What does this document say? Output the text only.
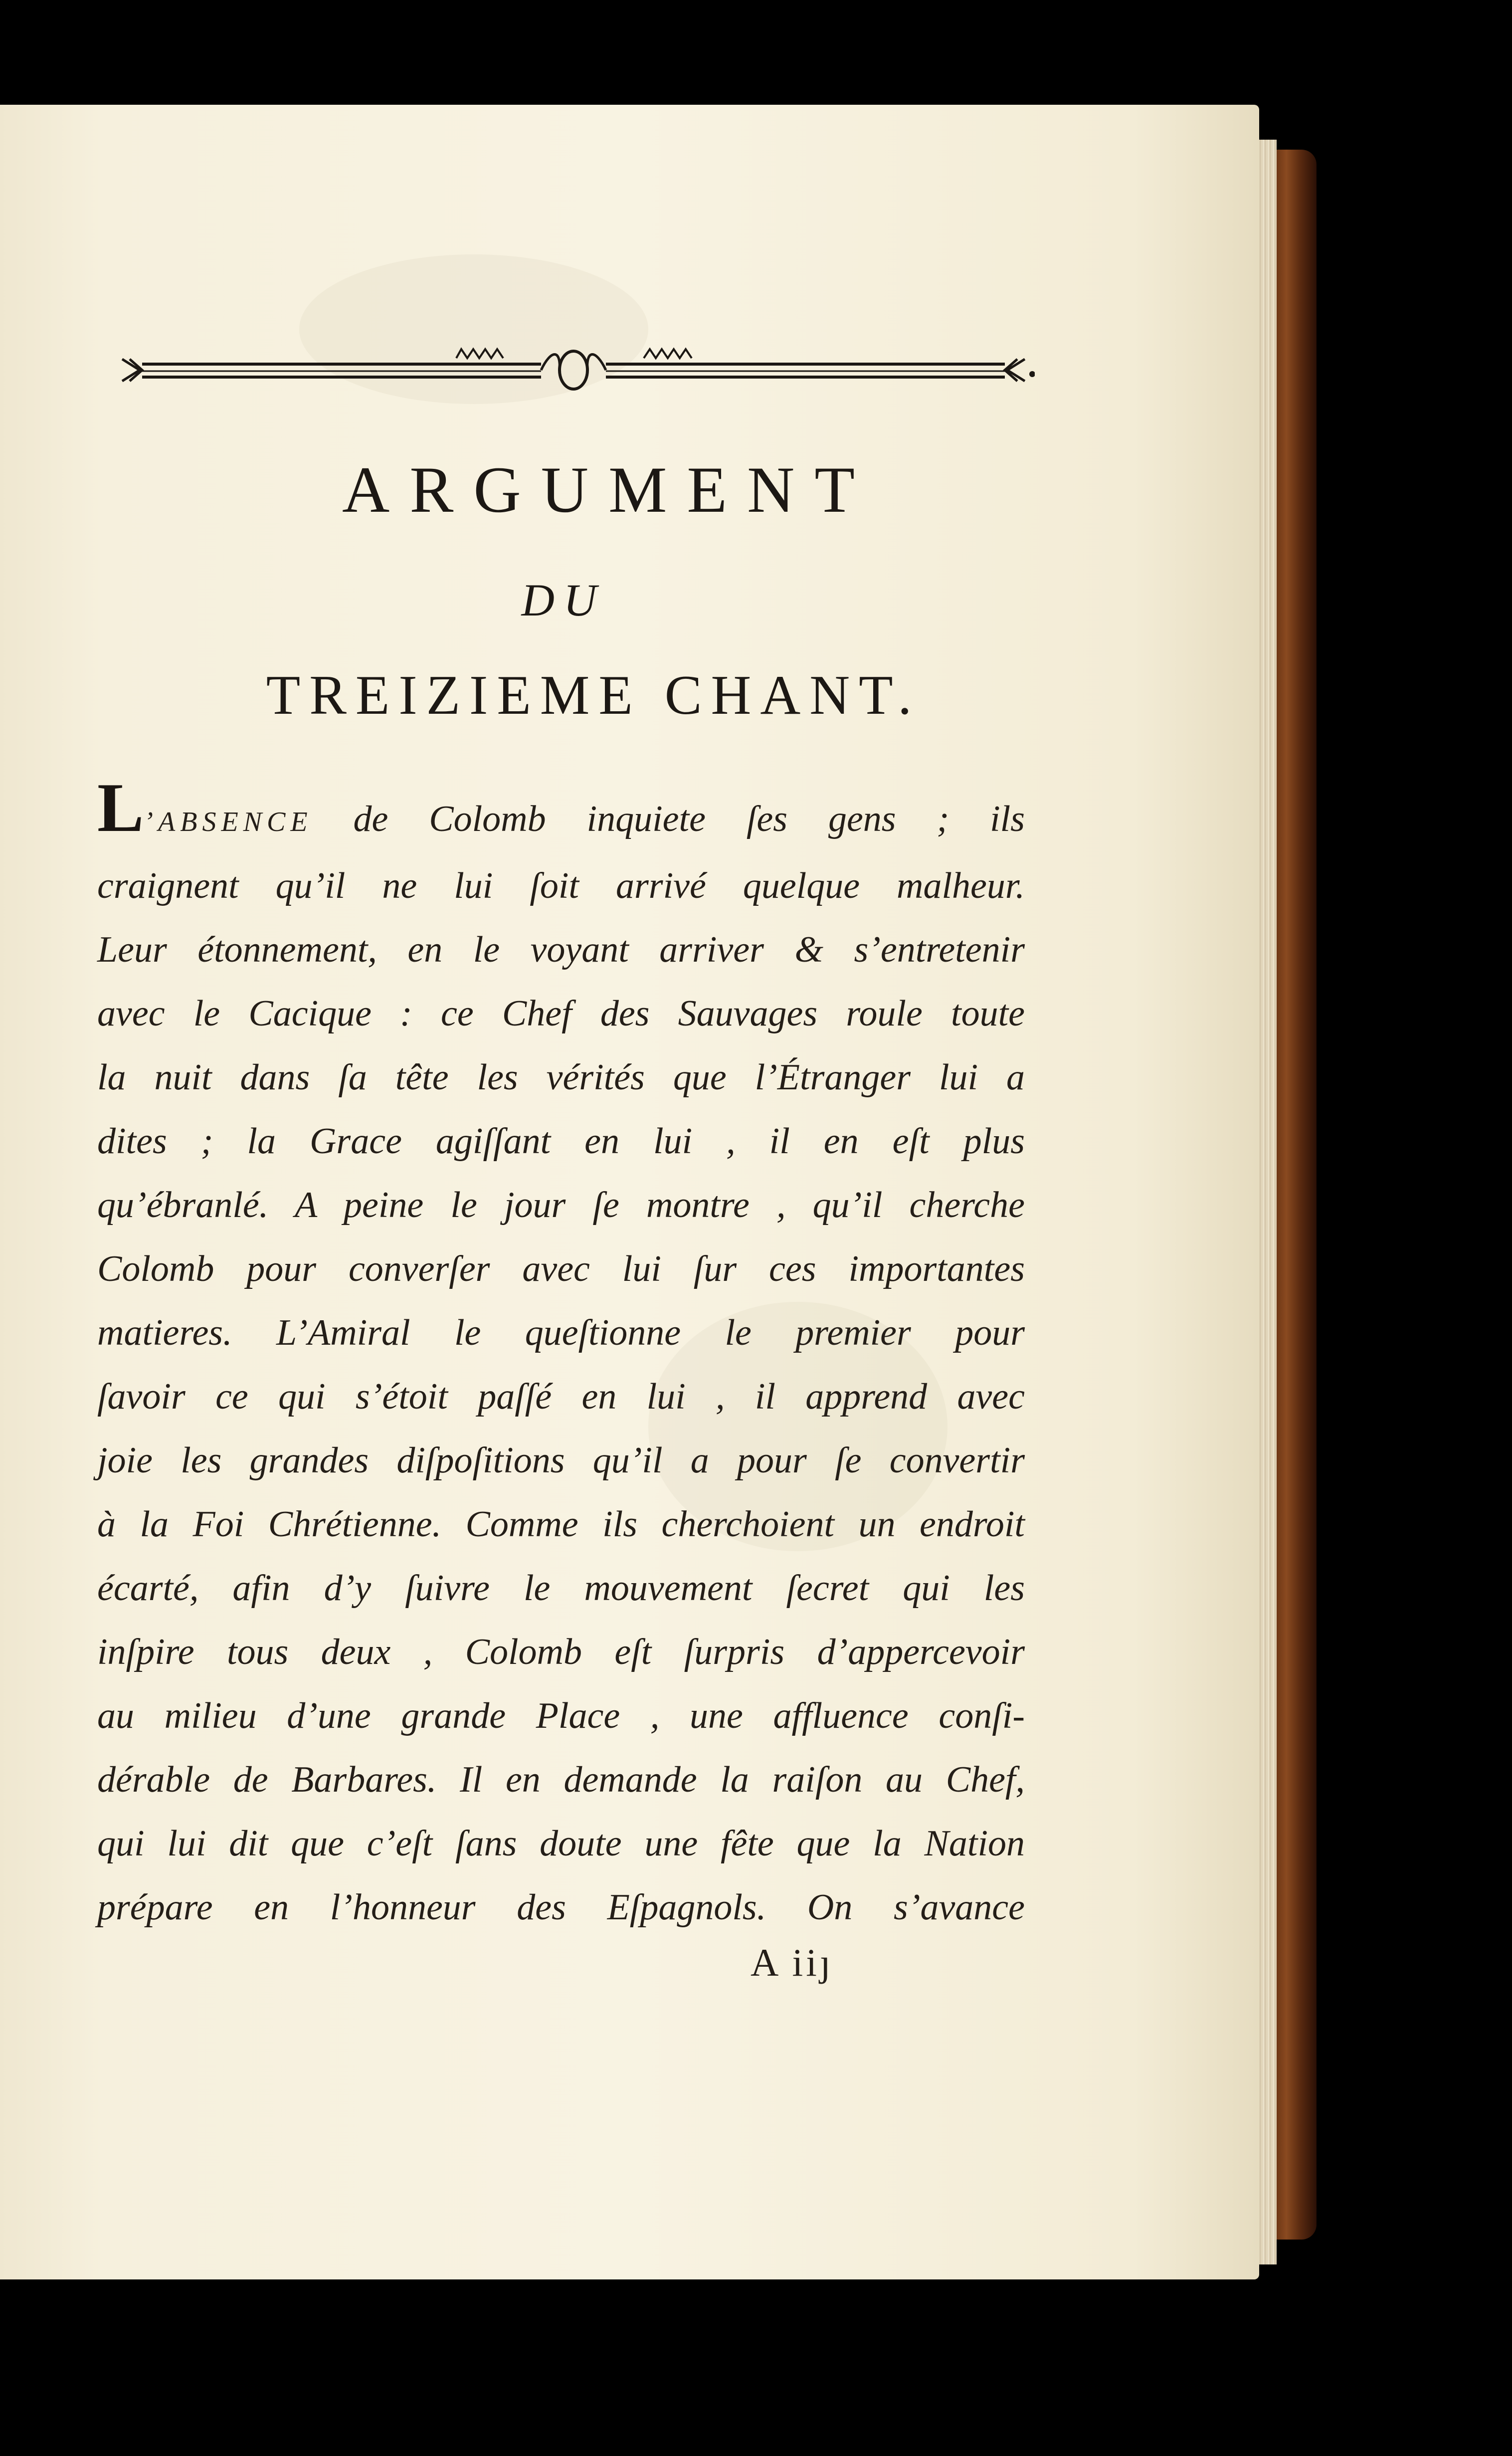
ARGUMENT
DU
TREIZIEME CHANT.
L’ABSENCE de Colomb inquiete ſes gens ; ils
craignent qu’il ne lui ſoit arrivé quelque malheur.
Leur étonnement, en le voyant arriver & s’entretenir
avec le Cacique : ce Chef des Sauvages roule toute
la nuit dans ſa tête les vérités que l’Étranger lui a
dites ; la Grace agiſſant en lui , il en eſt plus
qu’ébranlé. A peine le jour ſe montre , qu’il cherche
Colomb pour converſer avec lui ſur ces importantes
matieres. L’Amiral le queſtionne le premier pour
ſavoir ce qui s’étoit paſſé en lui , il apprend avec
joie les grandes diſpoſitions qu’il a pour ſe convertir
à la Foi Chrétienne. Comme ils cherchoient un endroit
écarté, afin d’y ſuivre le mouvement ſecret qui les
inſpire tous deux , Colomb eſt ſurpris d’appercevoir
au milieu d’une grande Place , une affluence conſi-
dérable de Barbares. Il en demande la raiſon au Chef,
qui lui dit que c’eſt ſans doute une fête que la Nation
prépare en l’honneur des Eſpagnols. On s’avance

A iiȷ
